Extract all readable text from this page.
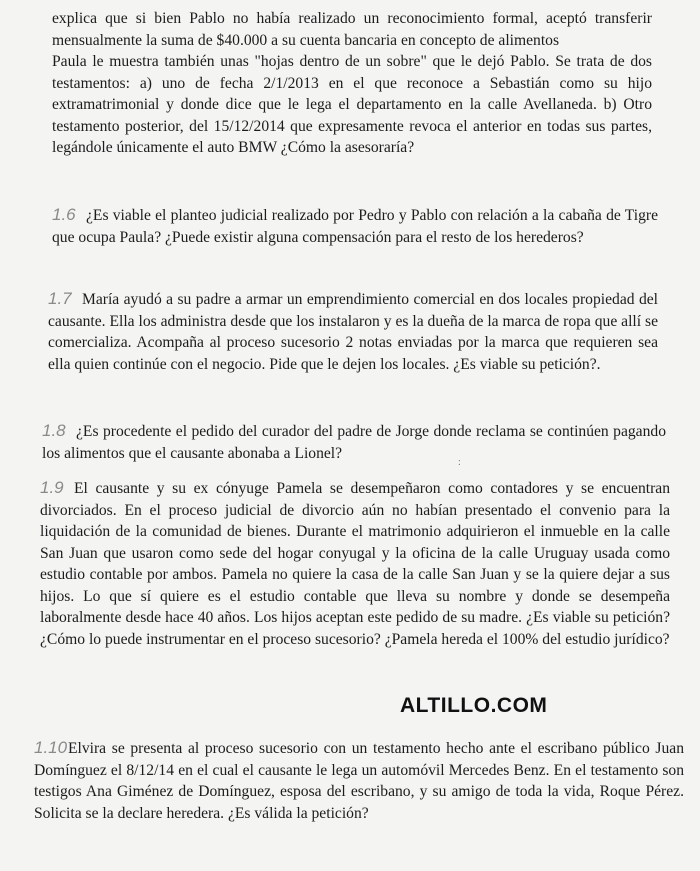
explica que si bien Pablo no había realizado un reconocimiento formal, aceptó transferir mensualmente la suma de $40.000 a su cuenta bancaria en concepto de alimentos

Paula le muestra también unas "hojas dentro de un sobre" que le dejó Pablo. Se trata de dos testamentos: a) uno de fecha 2/1/2013 en el que reconoce a Sebastián como su hijo extramatrimonial y donde dice que le lega el departamento en la calle Avellaneda. b) Otro testamento posterior, del 15/12/2014 que expresamente revoca el anterior en todas sus partes, legándole únicamente el auto BMW ¿Cómo la asesoraría?

1.6 ¿Es viable el planteo judicial realizado por Pedro y Pablo con relación a la cabaña de Tigre que ocupa Paula? ¿Puede existir alguna compensación para el resto de los herederos?
1.7 María ayudó a su padre a armar un emprendimiento comercial en dos locales propiedad del causante. Ella los administra desde que los instalaron y es la dueña de la marca de ropa que allí se comercializa. Acompaña al proceso sucesorio 2 notas enviadas por la marca que requieren sea ella quien continúe con el negocio. Pide que le dejen los locales. ¿Es viable su petición?.
1.8 ¿Es procedente el pedido del curador del padre de Jorge donde reclama se continúen pagando los alimentos que el causante abonaba a Lionel?
:
1.9 El causante y su ex cónyuge Pamela se desempeñaron como contadores y se encuentran divorciados. En el proceso judicial de divorcio aún no habían presentado el convenio para la liquidación de la comunidad de bienes. Durante el matrimonio adquirieron el inmueble en la calle San Juan que usaron como sede del hogar conyugal y la oficina de la calle Uruguay usada como estudio contable por ambos. Pamela no quiere la casa de la calle San Juan y se la quiere dejar a sus hijos. Lo que sí quiere es el estudio contable que lleva su nombre y donde se desempeña laboralmente desde hace 40 años. Los hijos aceptan este pedido de su madre. ¿Es viable su petición? ¿Cómo lo puede instrumentar en el proceso sucesorio? ¿Pamela hereda el 100% del estudio jurídico?
ALTILLO.COM
1.10Elvira se presenta al proceso sucesorio con un testamento hecho ante el escribano público Juan Domínguez el 8/12/14 en el cual el causante le lega un automóvil Mercedes Benz. En el testamento son testigos Ana Giménez de Domínguez, esposa del escribano, y su amigo de toda la vida, Roque Pérez. Solicita se la declare heredera. ¿Es válida la petición?
